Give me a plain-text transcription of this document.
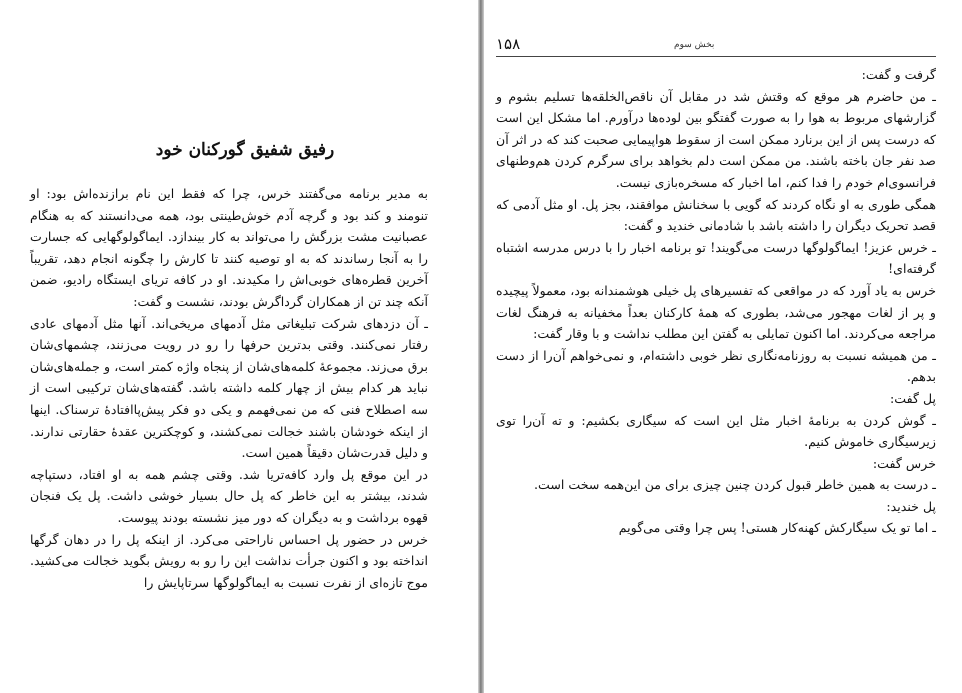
رفیق شفیق گورکنان خود

به مدیر برنامه می‌گفتند خرس، چرا که فقط این نام برازنده‌اش بود: او تنومند و کند بود و گرچه آدم خوش‌طینتی بود، همه می‌دانستند که به هنگام عصبانیت مشت بزرگش را می‌تواند به کار بیندازد. ایماگولوگهایی که جسارت را به آنجا رساندند که به او توصیه کنند تا کارش را چگونه انجام دهد، تقریباً آخرین قطره‌های خوبی‌اش را مکیدند. او در کافه تریای ایستگاه رادیو، ضمن آنکه چند تن از همکاران گرداگرش بودند، نشست و گفت:

ـ آن دزدهای شرکت تبلیغاتی مثل آدمهای مریخی‌اند. آنها مثل آدمهای عادی رفتار نمی‌کنند. وقتی بدترین حرفها را رو در رویت می‌زنند، چشمهای‌شان برق می‌زند. مجموعهٔ کلمه‌های‌شان از پنجاه واژه کمتر است، و جمله‌های‌شان نباید هر کدام بیش از چهار کلمه داشته باشد. گفته‌های‌شان ترکیبی است از سه اصطلاح فنی که من نمی‌فهمم و یکی دو فکر پیش‌پاافتادهٔ ترسناک. اینها از اینکه خودشان باشند خجالت نمی‌کشند، و کوچکترین عقدهٔ حقارتی ندارند. و دلیل قدرت‌شان دقیقاً همین است.

در این موقع پل وارد کافه‌تریا شد. وقتی چشم همه به او افتاد، دستپاچه شدند، بیشتر به این خاطر که پل حال بسیار خوشی داشت. پل یک فنجان قهوه برداشت و به دیگران که دور میز نشسته بودند پیوست.

خرس در حضور پل احساس ناراحتی می‌کرد. از اینکه پل را در دهان گرگها انداخته بود و اکنون جرأت نداشت این را رو به رویش بگوید خجالت می‌کشید. موج تازه‌ای از نفرت نسبت به ایماگولوگها سرتاپایش را

۱۵۸	بخش سوم

گرفت و گفت:

ـ من حاضرم هر موقع که وقتش شد در مقابل آن ناقص‌الخلقه‌ها تسلیم بشوم و گزارشهای مربوط به هوا را به صورت گفتگو بین لوده‌ها درآورم. اما مشکل این است که درست پس از این برنارد ممکن است از سقوط هواپیمایی صحبت کند که در اثر آن صد نفر جان باخته باشند. من ممکن است دلم بخواهد برای سرگرم کردن هم‌وطنهای فرانسوی‌ام خودم را فدا کنم، اما اخبار که مسخره‌بازی نیست.

همگی طوری به او نگاه کردند که گویی با سخنانش موافقند، بجز پل. او مثل آدمی که قصد تحریک دیگران را داشته باشد با شادمانی خندید و گفت:

ـ خرس عزیز! ایماگولوگها درست می‌گویند! تو برنامه اخبار را با درس مدرسه اشتباه گرفته‌ای!

خرس به یاد آورد که در مواقعی که تفسیرهای پل خیلی هوشمندانه بود، معمولاً پیچیده و پر از لغات مهجور می‌شد، بطوری که همهٔ کارکنان بعداً مخفیانه به فرهنگ لغات مراجعه می‌کردند. اما اکنون تمایلی به گفتن این مطلب نداشت و با وقار گفت:

ـ من همیشه نسبت به روزنامه‌نگاری نظر خوبی داشته‌ام، و نمی‌خواهم آن‌را از دست بدهم.

پل گفت:

ـ گوش کردن به برنامهٔ اخبار مثل این است که سیگاری بکشیم: و ته آن‌را توی زیرسیگاری خاموش کنیم.

خرس گفت:

ـ درست به همین خاطر قبول کردن چنین چیزی برای من این‌همه سخت است.

پل خندید:

ـ اما تو یک سیگارکش کهنه‌کار هستی! پس چرا وقتی می‌گویم
